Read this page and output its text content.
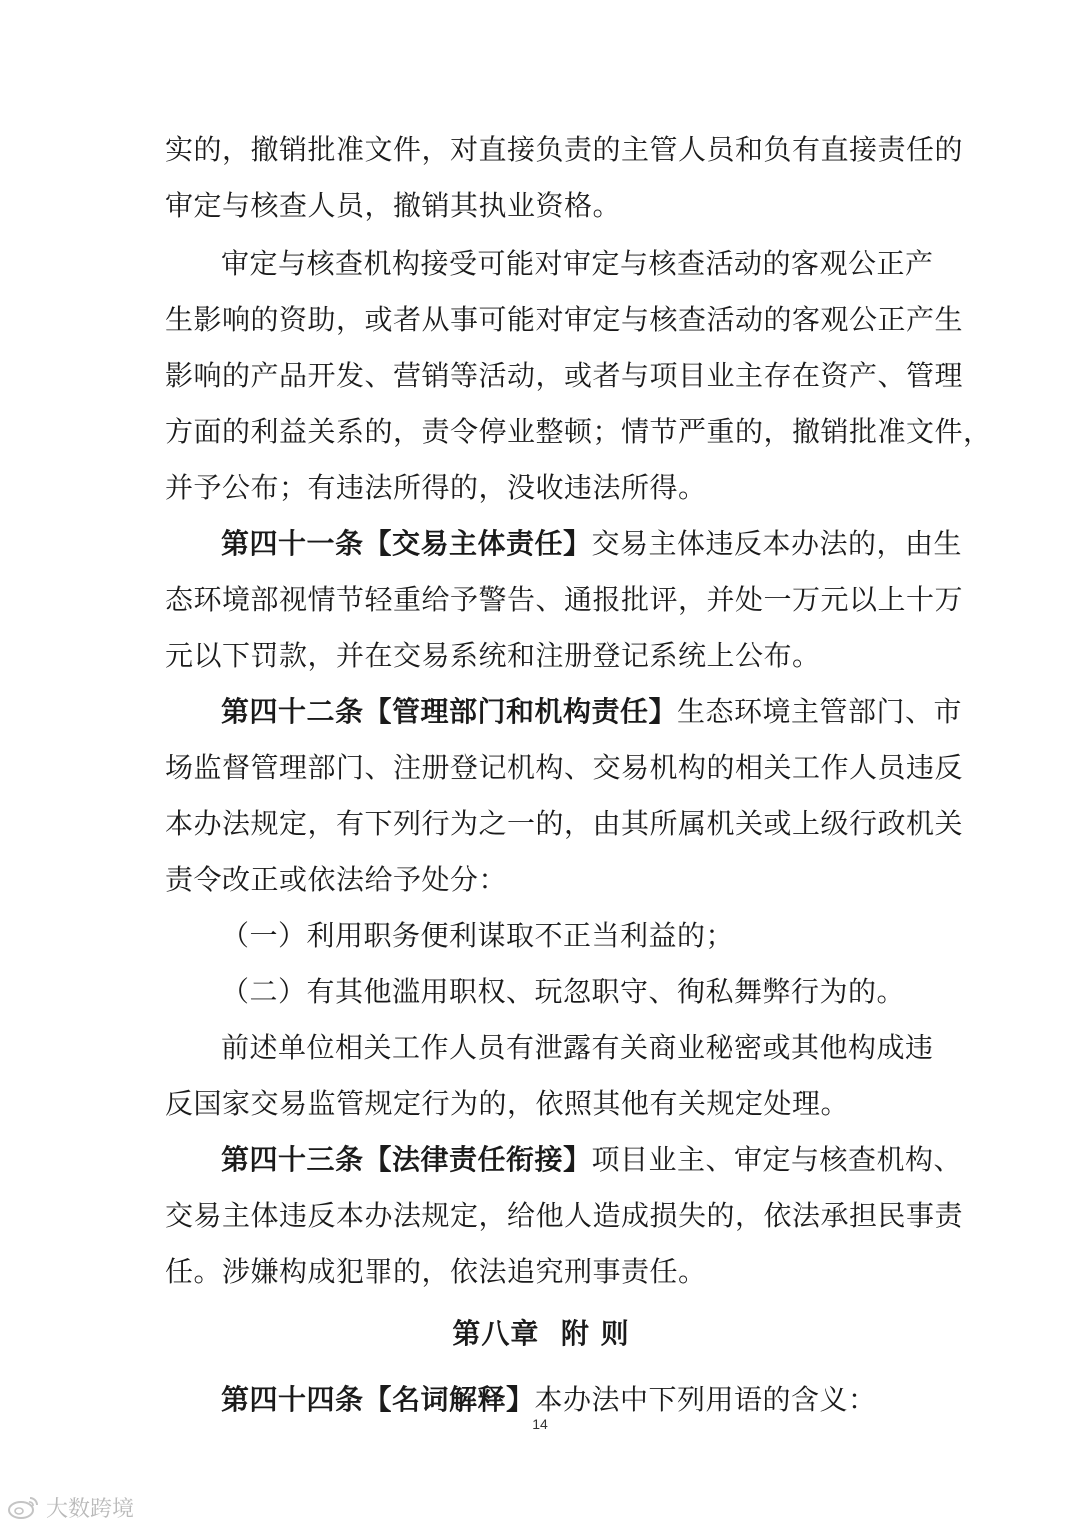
实的，撤销批准文件，对直接负责的主管人员和负有直接责任的
审定与核查人员，撤销其执业资格。
审定与核查机构接受可能对审定与核查活动的客观公正产
生影响的资助，或者从事可能对审定与核查活动的客观公正产生
影响的产品开发、营销等活动，或者与项目业主存在资产、管理
方面的利益关系的，责令停业整顿；情节严重的，撤销批准文件，
并予公布；有违法所得的，没收违法所得。
第四十一条【交易主体责任】交易主体违反本办法的，由生
态环境部视情节轻重给予警告、通报批评，并处一万元以上十万
元以下罚款，并在交易系统和注册登记系统上公布。
第四十二条【管理部门和机构责任】生态环境主管部门、市
场监督管理部门、注册登记机构、交易机构的相关工作人员违反
本办法规定，有下列行为之一的，由其所属机关或上级行政机关
责令改正或依法给予处分：
（一）利用职务便利谋取不正当利益的；
（二）有其他滥用职权、玩忽职守、徇私舞弊行为的。
前述单位相关工作人员有泄露有关商业秘密或其他构成违
反国家交易监管规定行为的，依照其他有关规定处理。
第四十三条【法律责任衔接】项目业主、审定与核查机构、
交易主体违反本办法规定，给他人造成损失的，依法承担民事责
任。涉嫌构成犯罪的，依法追究刑事责任。
第八章  附 则
第四十四条【名词解释】本办法中下列用语的含义：
14
大数跨境
